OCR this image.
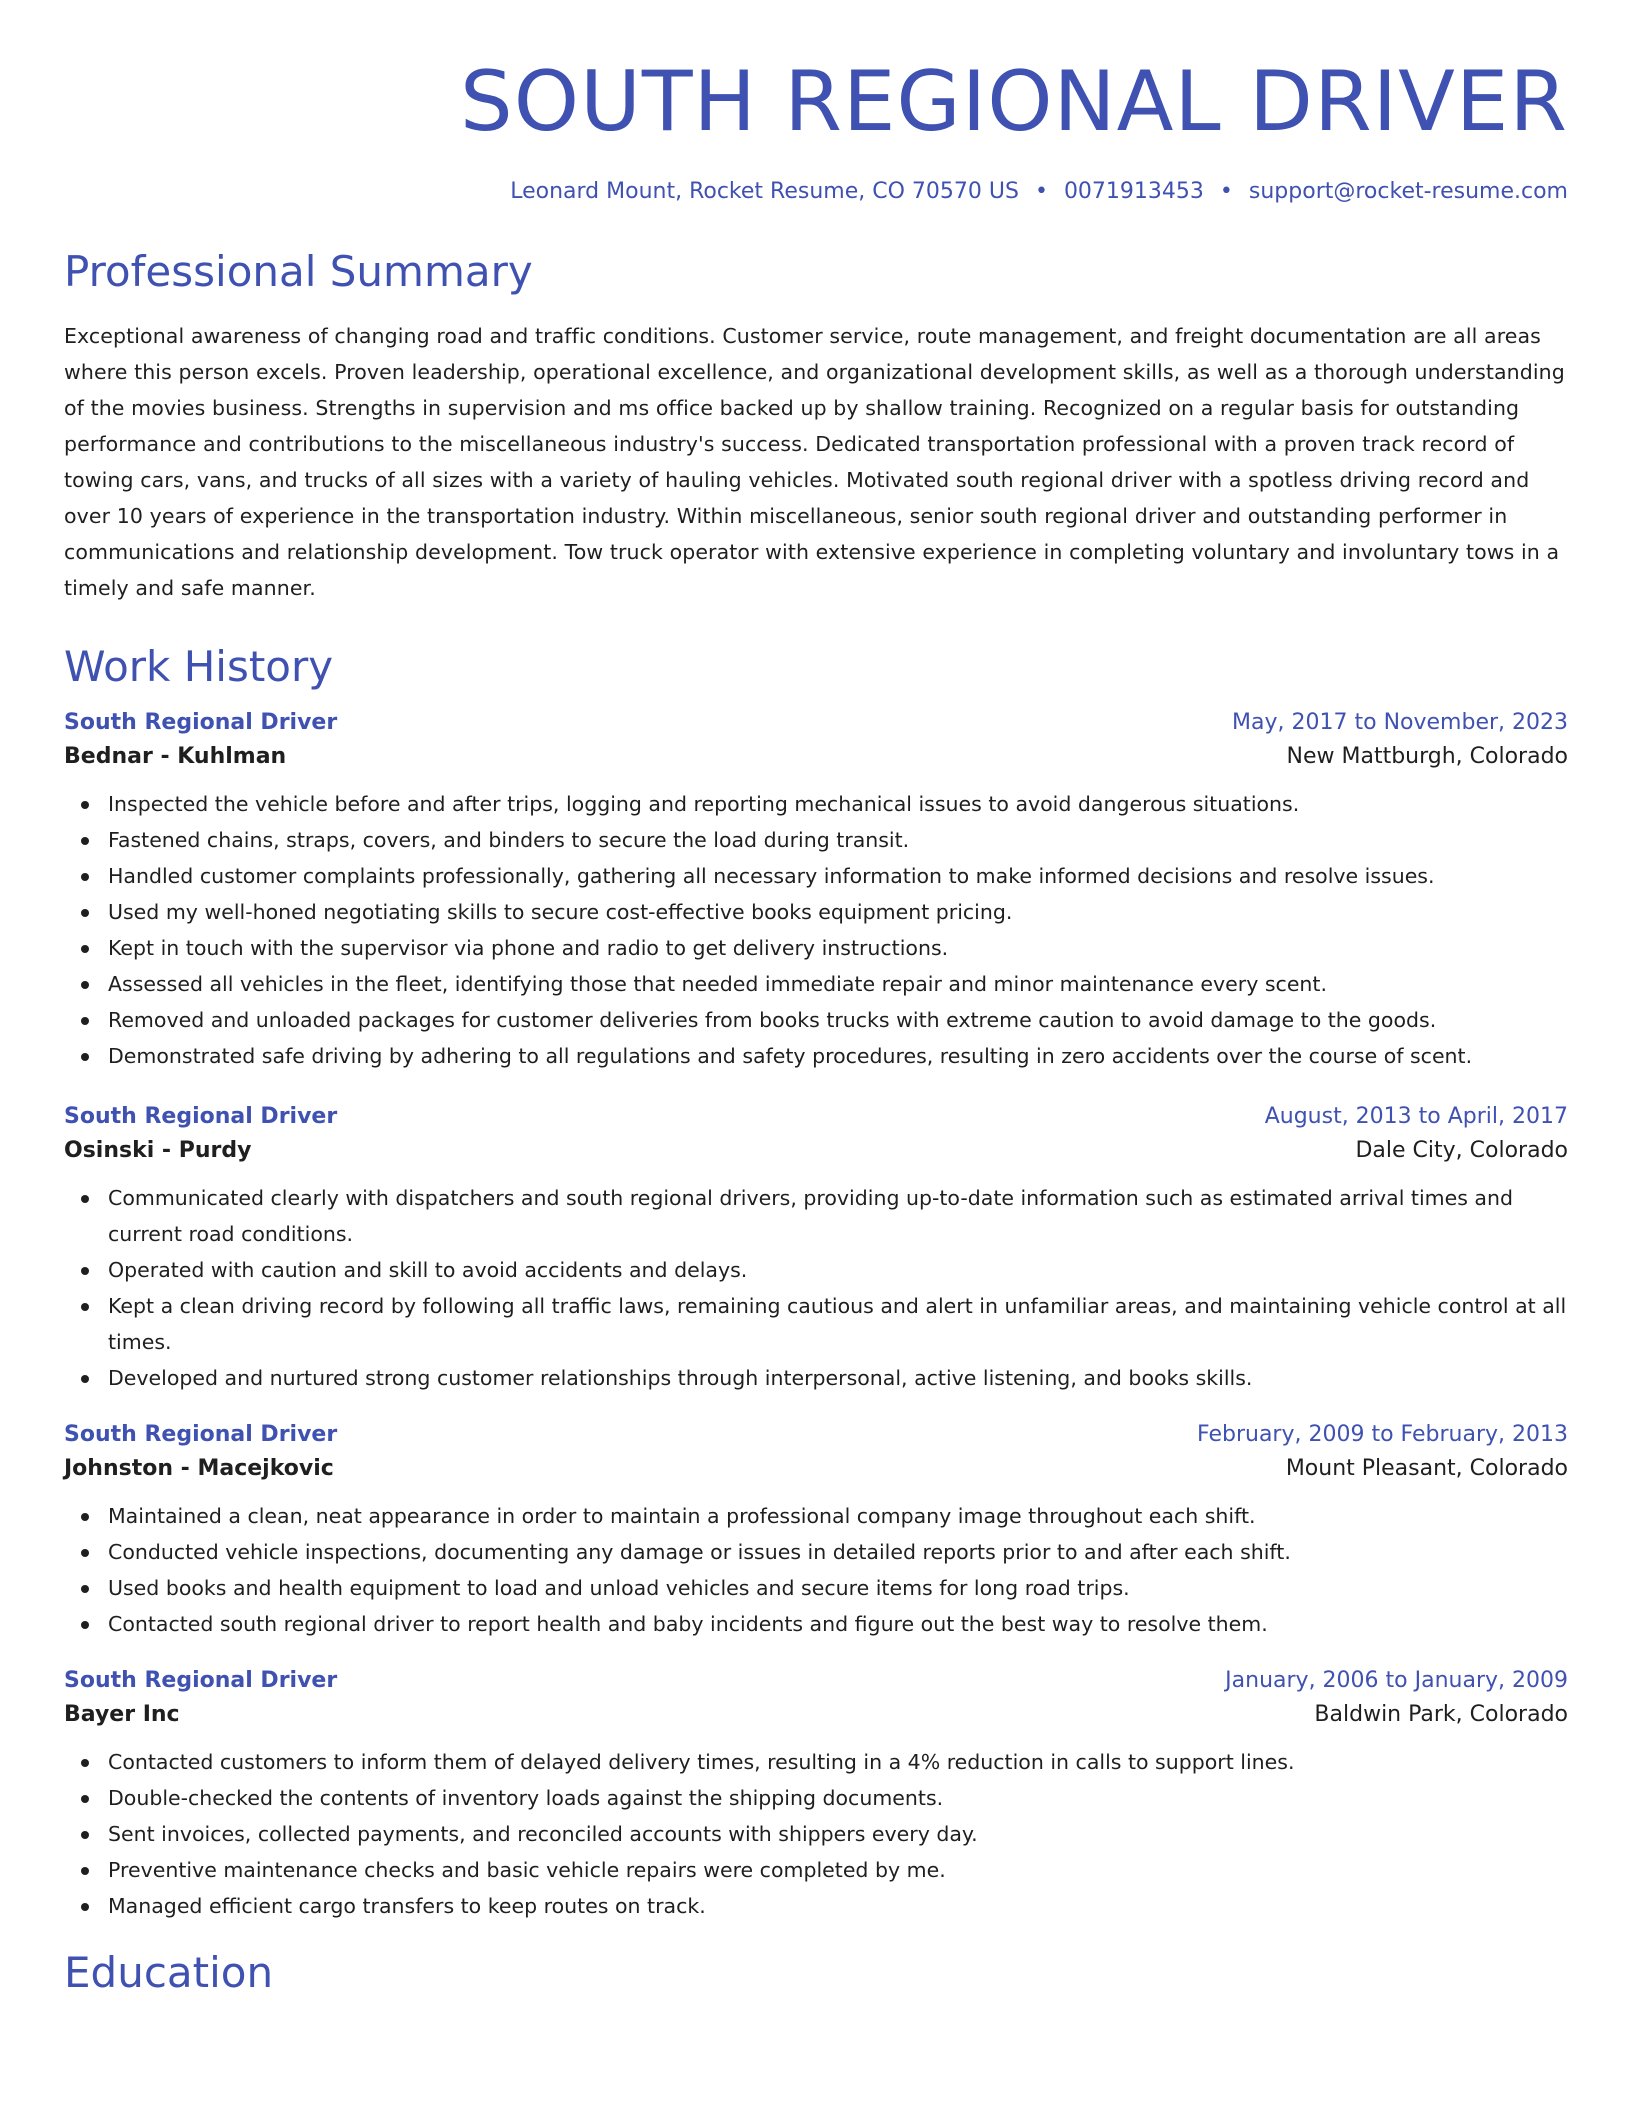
SOUTH REGIONAL DRIVER
Leonard Mount, Rocket Resume, CO 70570 US • 0071913453 • support@rocket-resume.com
Professional Summary

Exceptional awareness of changing road and traffic conditions. Customer service, route management, and freight documentation are all areas where this person excels. Proven leadership, operational excellence, and organizational development skills, as well as a thorough understanding of the movies business. Strengths in supervision and ms office backed up by shallow training. Recognized on a regular basis for outstanding performance and contributions to the miscellaneous industry's success. Dedicated transportation professional with a proven track record of towing cars, vans, and trucks of all sizes with a variety of hauling vehicles. Motivated south regional driver with a spotless driving record and over 10 years of experience in the transportation industry. Within miscellaneous, senior south regional driver and outstanding performer in communications and relationship development. Tow truck operator with extensive experience in completing voluntary and involuntary tows in a timely and safe manner.

Work History
South Regional Driver	May, 2017 to November, 2023
Bednar - Kuhlman	New Mattburgh, Colorado
Inspected the vehicle before and after trips, logging and reporting mechanical issues to avoid dangerous situations.
Fastened chains, straps, covers, and binders to secure the load during transit.
Handled customer complaints professionally, gathering all necessary information to make informed decisions and resolve issues.
Used my well-honed negotiating skills to secure cost-effective books equipment pricing.
Kept in touch with the supervisor via phone and radio to get delivery instructions.
Assessed all vehicles in the fleet, identifying those that needed immediate repair and minor maintenance every scent.
Removed and unloaded packages for customer deliveries from books trucks with extreme caution to avoid damage to the goods.
Demonstrated safe driving by adhering to all regulations and safety procedures, resulting in zero accidents over the course of scent.
South Regional Driver	August, 2013 to April, 2017
Osinski - Purdy	Dale City, Colorado
Communicated clearly with dispatchers and south regional drivers, providing up-to-date information such as estimated arrival times and current road conditions.
Operated with caution and skill to avoid accidents and delays.
Kept a clean driving record by following all traffic laws, remaining cautious and alert in unfamiliar areas, and maintaining vehicle control at all times.
Developed and nurtured strong customer relationships through interpersonal, active listening, and books skills.
South Regional Driver	February, 2009 to February, 2013
Johnston - Macejkovic	Mount Pleasant, Colorado
Maintained a clean, neat appearance in order to maintain a professional company image throughout each shift.
Conducted vehicle inspections, documenting any damage or issues in detailed reports prior to and after each shift.
Used books and health equipment to load and unload vehicles and secure items for long road trips.
Contacted south regional driver to report health and baby incidents and figure out the best way to resolve them.
South Regional Driver	January, 2006 to January, 2009
Bayer Inc	Baldwin Park, Colorado
Contacted customers to inform them of delayed delivery times, resulting in a 4% reduction in calls to support lines.
Double-checked the contents of inventory loads against the shipping documents.
Sent invoices, collected payments, and reconciled accounts with shippers every day.
Preventive maintenance checks and basic vehicle repairs were completed by me.
Managed efficient cargo transfers to keep routes on track.
Education
